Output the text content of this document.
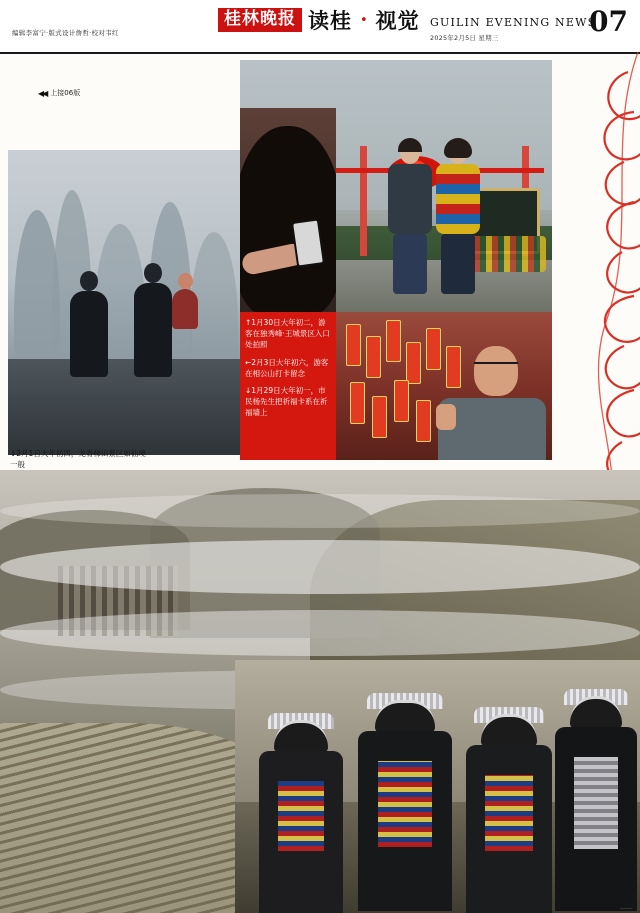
编辑李富宁·版式设计詹哲·校对韦红
桂林晚报 读桂 • 视觉 GUILIN EVENING NEWS
2025年2月5日 星期三	07
◀◀ 上接06版

↑1月30日大年初二，游客在独秀峰·王城景区入口处拍照

←2月3日大年初六，游客在相公山打卡留念

↓1月29日大年初一，市民杨先生把祈福卡系在祈福墙上

↓2月1日大年初四，龙脊梯田景区如仙境一般
